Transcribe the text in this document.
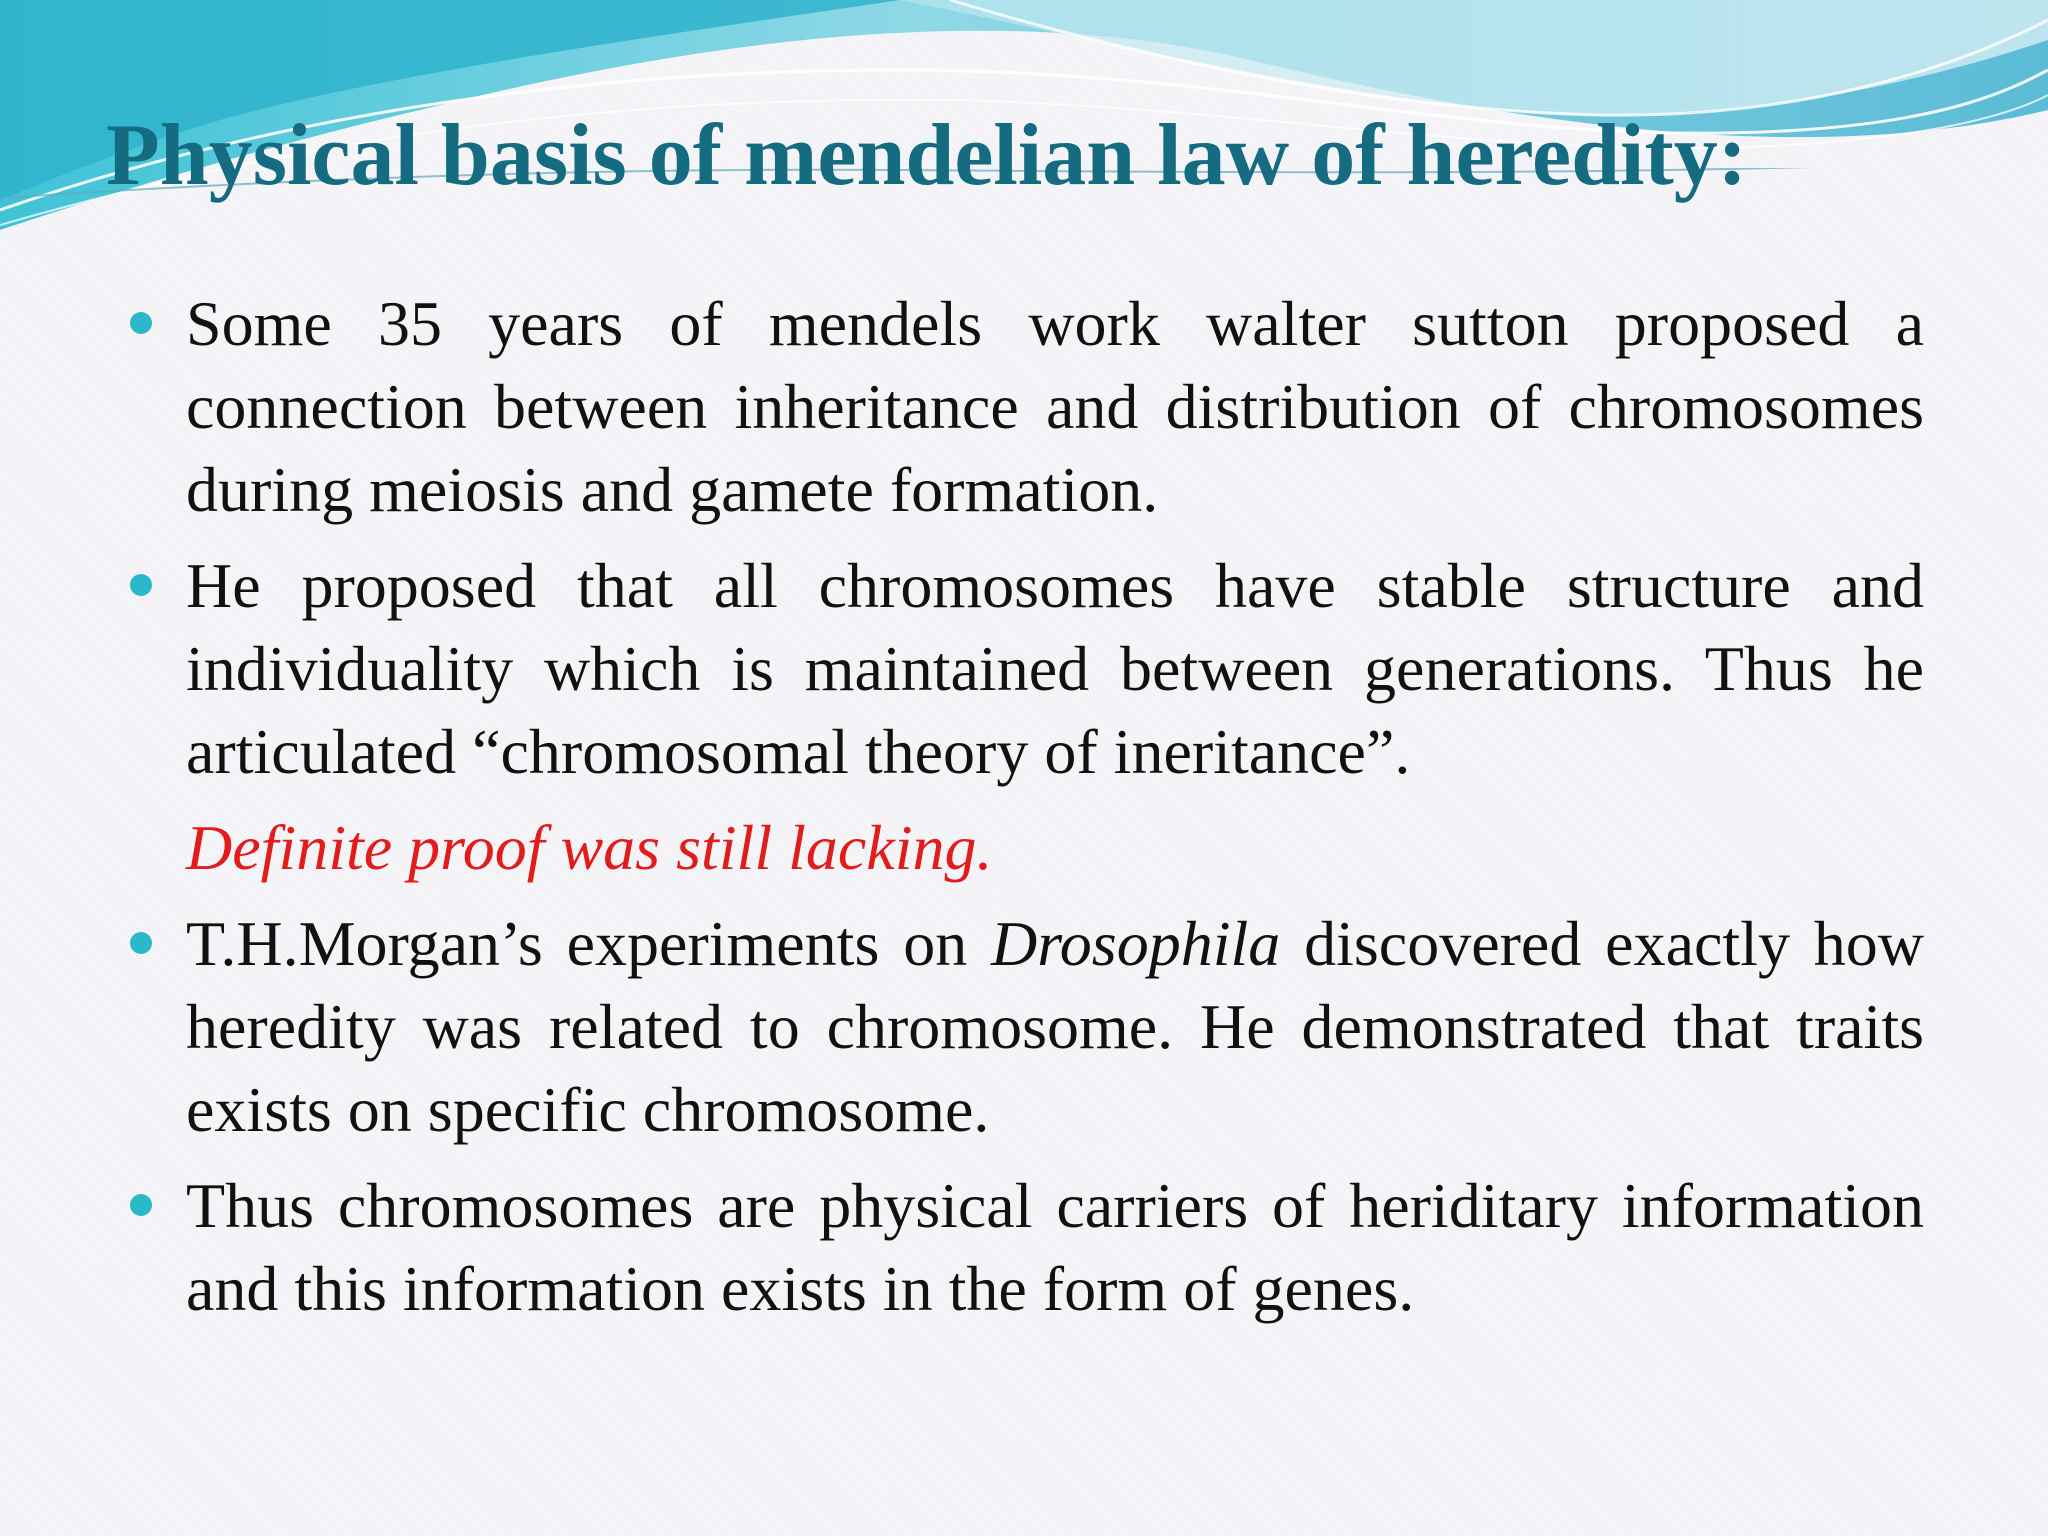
Physical basis of mendelian law of heredity:
Some 35 years of mendels work walter sutton proposed a connection between inheritance and distribution of chromosomes during meiosis and gamete formation.
He proposed that all chromosomes have stable structure and individuality which is maintained between generations. Thus he articulated “chromosomal theory of ineritance”.
Definite proof was still lacking.
T.H.Morgan’s experiments on Drosophila discovered exactly how heredity was related to chromosome. He demonstrated that traits exists on specific chromosome.
Thus chromosomes are physical carriers of heriditary information and this information exists in the form of genes.
